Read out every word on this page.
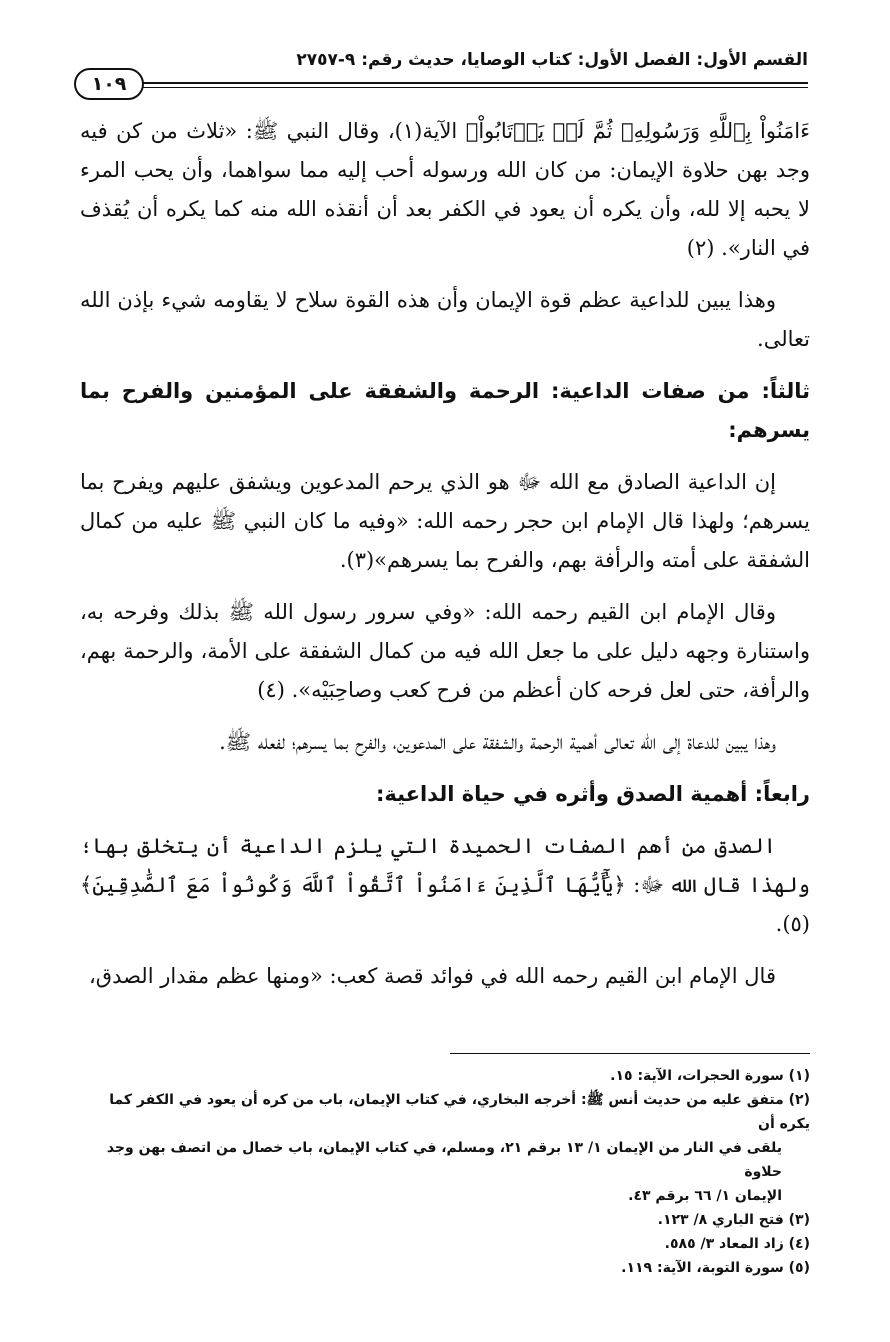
القسم الأول: الفصل الأول: كتاب الوصايا، حديث رقم: ٩-٢٧٥٧
١٠٩

ءَامَنُواْ بِٱللَّهِ وَرَسُولِهِۦ ثُمَّ لَمۡ يَرۡتَابُواْ﴾ الآية(١)، وقال النبي ﷺ: «ثلاث من كن فيه وجد بهن حلاوة الإيمان: من كان الله ورسوله أحب إليه مما سواهما، وأن يحب المرء لا يحبه إلا لله، وأن يكره أن يعود في الكفر بعد أن أنقذه الله منه كما يكره أن يُقذف في النار». (٢)

وهذا يبين للداعية عظم قوة الإيمان وأن هذه القوة سلاح لا يقاومه شيء بإذن الله تعالى.

ثالثاً: من صفات الداعية: الرحمة والشفقة على المؤمنين والفرح بما يسرهم:

إن الداعية الصادق مع الله ﷻ هو الذي يرحم المدعوين ويشفق عليهم ويفرح بما يسرهم؛ ولهذا قال الإمام ابن حجر رحمه الله: «وفيه ما كان النبي ﷺ عليه من كمال الشفقة على أمته والرأفة بهم، والفرح بما يسرهم»(٣).

وقال الإمام ابن القيم رحمه الله: «وفي سرور رسول الله ﷺ بذلك وفرحه به، واستنارة وجهه دليل على ما جعل الله فيه من كمال الشفقة على الأمة، والرحمة بهم، والرأفة، حتى لعل فرحه كان أعظم من فرح كعب وصاحِبَيْه». (٤)

وهذا يبين للدعاة إلى الله تعالى أهمية الرحمة والشفقة على المدعوين، والفرح بما يسرهم؛ لفعله ﷺ.

رابعاً: أهمية الصدق وأثره في حياة الداعية:

الصدق من أهم الصفات الحميدة التي يلزم الداعية أن يتخلق بها؛ ولهذا قال الله ﷻ: ﴿يَٰٓأَيُّهَا ٱلَّذِينَ ءَامَنُواْ ٱتَّقُواْ ٱللَّهَ وَكُونُواْ مَعَ ٱلصَّٰدِقِينَ﴾(٥).

قال الإمام ابن القيم رحمه الله في فوائد قصة كعب: «ومنها عظم مقدار الصدق،

(١) سورة الحجرات، الآية: ١٥.

(٢) متفق عليه من حديث أنس ﷺ: أخرجه البخاري، في كتاب الإيمان، باب من كره أن يعود في الكفر كما يكره أن

يلقى في النار من الإيمان ١/ ١٣ برقم ٢١، ومسلم، في كتاب الإيمان، باب خصال من اتصف بهن وجد حلاوة

الإيمان ١/ ٦٦ برقم ٤٣.

(٣) فتح الباري ٨/ ١٢٣.

(٤) زاد المعاد ٣/ ٥٨٥.

(٥) سورة التوبة، الآية: ١١٩.
